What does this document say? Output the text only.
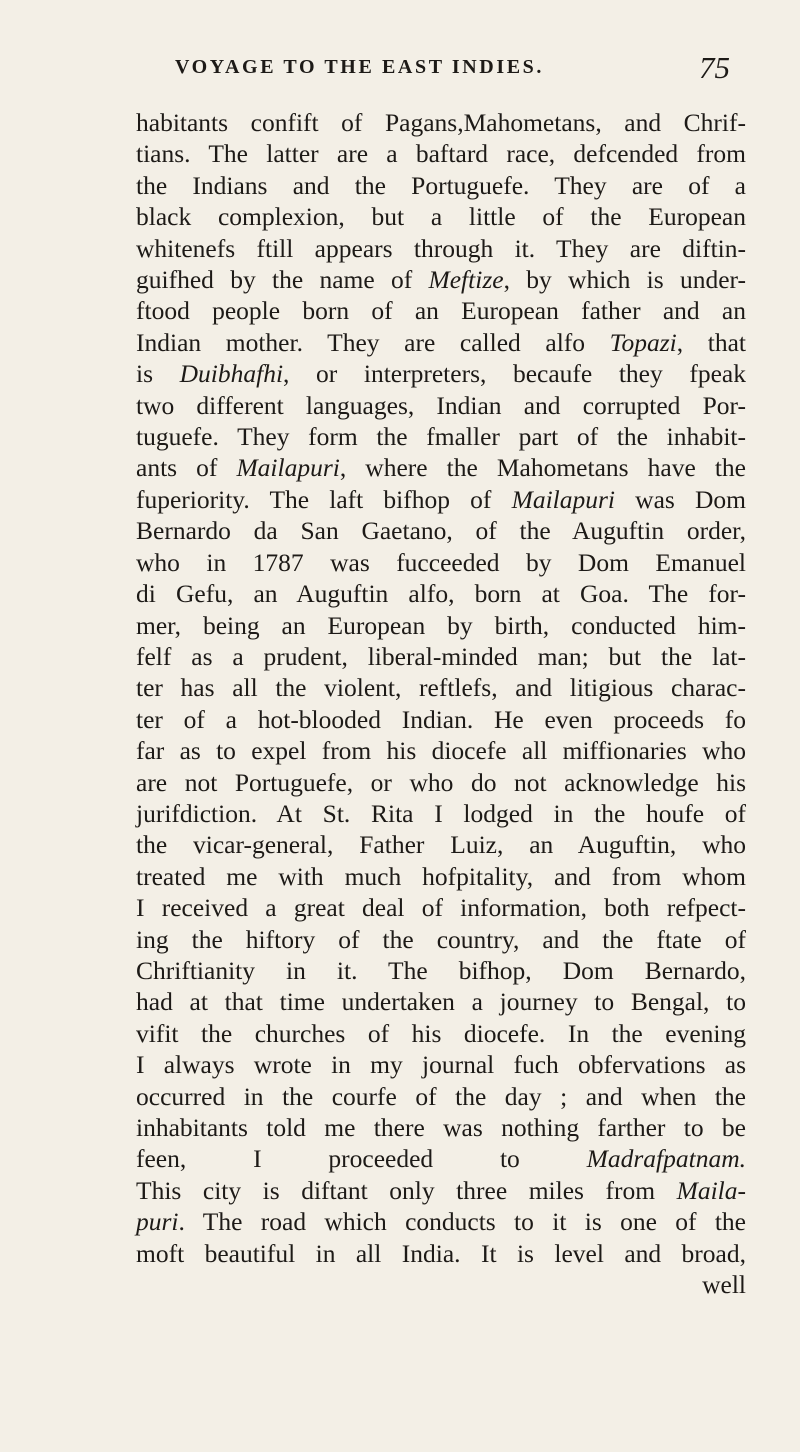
VOYAGE TO THE EAST INDIES.	75
habitants confift of Pagans,Mahometans, and Chrif-
tians. The latter are a baftard race, defcended from
the Indians and the Portuguefe. They are of a
black complexion, but a little of the European
whitenefs ftill appears through it. They are diftin-
guifhed by the name of Meftize, by which is under-
ftood people born of an European father and an
Indian mother. They are called alfo Topazi, that
is Duibhafhi, or interpreters, becaufe they fpeak
two different languages, Indian and corrupted Por-
tuguefe. They form the fmaller part of the inhabit-
ants of Mailapuri, where the Mahometans have the
fuperiority. The laft bifhop of Mailapuri was Dom
Bernardo da San Gaetano, of the Auguftin order,
who in 1787 was fucceeded by Dom Emanuel
di Gefu, an Auguftin alfo, born at Goa. The for-
mer, being an European by birth, conducted him-
felf as a prudent, liberal-minded man; but the lat-
ter has all the violent, reftlefs, and litigious charac-
ter of a hot-blooded Indian. He even proceeds fo
far as to expel from his diocefe all miffionaries who
are not Portuguefe, or who do not acknowledge his
jurifdiction. At St. Rita I lodged in the houfe of
the vicar-general, Father Luiz, an Auguftin, who
treated me with much hofpitality, and from whom
I received a great deal of information, both refpect-
ing the hiftory of the country, and the ftate of
Chriftianity in it. The bifhop, Dom Bernardo,
had at that time undertaken a journey to Bengal, to
vifit the churches of his diocefe. In the evening
I always wrote in my journal fuch obfervations as
occurred in the courfe of the day ; and when the
inhabitants told me there was nothing farther to be
feen, I proceeded to Madrafpatnam.
This city is diftant only three miles from Maila-
puri. The road which conducts to it is one of the
moft beautiful in all India. It is level and broad,
well
